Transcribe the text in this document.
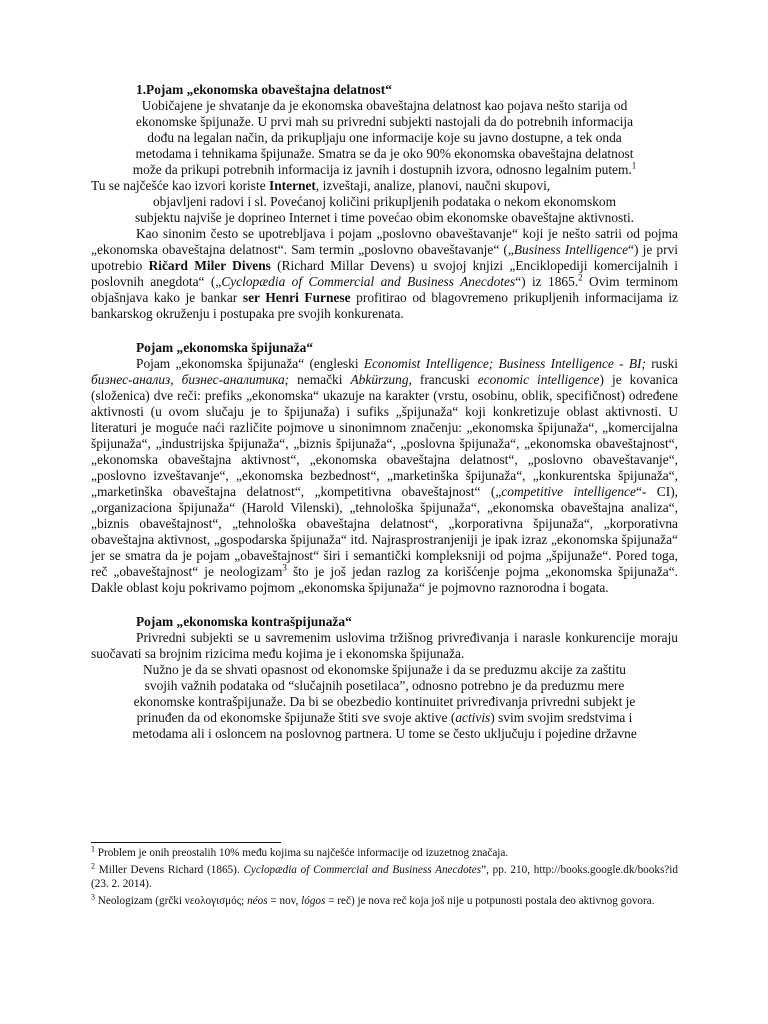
1.Pojam „ekonomska obaveštajna delatnost“

Uobičajene je shvatanje da je ekonomska obaveštajna delatnost kao pojava nešto starija od

ekonomske špijunaže. U prvi mah su privredni subjekti nastojali da do potrebnih informacija

dođu na legalan način, da prikupljaju one informacije koje su javno dostupne, a tek onda

metodama i tehnikama špijunaže. Smatra se da je oko 90% ekonomska obaveštajna delatnost

može da prikupi potrebnih informacija iz javnih i dostupnih izvora, odnosno legalnim putem.$^1$

Tu se najčešće kao izvori koriste Internet, izveštaji, analize, planovi, naučni skupovi,

objavljeni radovi i sl. Povećanoj količini prikupljenih podataka o nekom ekonomskom

subjektu najviše je doprineo Internet i time povećao obim ekonomske obaveštajne aktivnosti.

Kao sinonim često se upotrebljava i pojam „poslovno obaveštavanje“ koji je nešto satrii od pojma „ekonomska obaveštajna delatnost“. Sam termin „poslovno obaveštavanje“ („Business Intelligence“) je prvi upotrebio Ričard Miler Divens (Richard Millar Devens) u svojoj knjizi „Enciklopediji komercijalnih i poslovnih anegdota“ („Cyclopædia of Commercial and Business Anecdotes“) iz 1865.$^2$ Ovim terminom objašnjava kako je bankar ser Henri Furnese profitirao od blagovremeno prikupljenih informacijama iz bankarskog okruženju i postupaka pre svojih konkurenata.

Pojam „ekonomska špijunaža“

Pojam „ekonomska špijunaža“ (engleski Economist Intelligence; Business Intelligence - BI; ruski бизнес-анализ, бизнес-аналитика; nemački Abkürzung, francuski economic intelligence) je kovanica (složenica) dve reči: prefiks „ekonomska“ ukazuje na karakter (vrstu, osobinu, oblik, specifičnost) određene aktivnosti (u ovom slučaju je to špijunaža) i sufiks „špijunaža“ koji konkretizuje oblast aktivnosti. U literaturi je moguće naći različite pojmove u sinonimnom značenju: „ekonomska špijunaža“, „komercijalna špijunaža“, „industrijska špijunaža“, „biznis špijunaža“, „poslovna špijunaža“, „ekonomska obaveštajnost“, „ekonomska obaveštajna aktivnost“, „ekonomska obaveštajna delatnost“, „poslovno obaveštavanje“, „poslovno izveštavanje“, „ekonomska bezbednost“, „marketinška špijunaža“, „konkurentska špijunaža“, „marketinška obaveštajna delatnost“, „kompetitivna obaveštajnost“ („competitive intelligence“- CI), „organizaciona špijunaža“ (Harold Vilenski), „tehnološka špijunaža“, „ekonomska obaveštajna analiza“, „biznis obaveštajnost“, „tehnološka obaveštajna delatnost“, „korporativna špijunaža“, „korporativna obaveštajna aktivnost, „gospodarska špijunaža“ itd. Najrasprostranjeniji je ipak izraz „ekonomska špijunaža“ jer se smatra da je pojam „obaveštajnost“ širi i semantički kompleksniji od pojma „špijunaže“. Pored toga, reč „obaveštajnost“ je neologizam$^3$ što je još jedan razlog za korišćenje pojma „ekonomska špijunaža“. Dakle oblast koju pokrivamo pojmom „ekonomska špijunaža“ je pojmovno raznorodna i bogata.

Pojam „ekonomska kontrašpijunaža“

Privredni subjekti se u savremenim uslovima tržišnog privređivanja i narasle konkurencije moraju suočavati sa brojnim rizicima među kojima je i ekonomska špijunaža.

Nužno je da se shvati opasnost od ekonomske špijunaže i da se preduzmu akcije za zaštitu

svojih važnih podataka od “slučajnih posetilaca”, odnosno potrebno je da preduzmu mere

ekonomske kontrašpijunaže. Da bi se obezbedio kontinuitet privređivanja privredni subjekt je

prinuđen da od ekonomske špijunaže štiti sve svoje aktive (activis) svim svojim sredstvima i

metodama ali i osloncem na poslovnog partnera. U tome se često uključuju i pojedine državne

$^1$ Problem je onih preostalih 10% među kojima su najčešće informacije od izuzetnog značaja.

$^2$ Miller Devens Richard (1865). Cyclopædia of Commercial and Business Anecdotes”, pp. 210, http://books.google.dk/books?id (23. 2. 2014).

$^3$ Neologizam (grčki νεολογισμός; néos = nov, lógos = reč) je nova reč koja još nije u potpunosti postala deo aktivnog govora.
